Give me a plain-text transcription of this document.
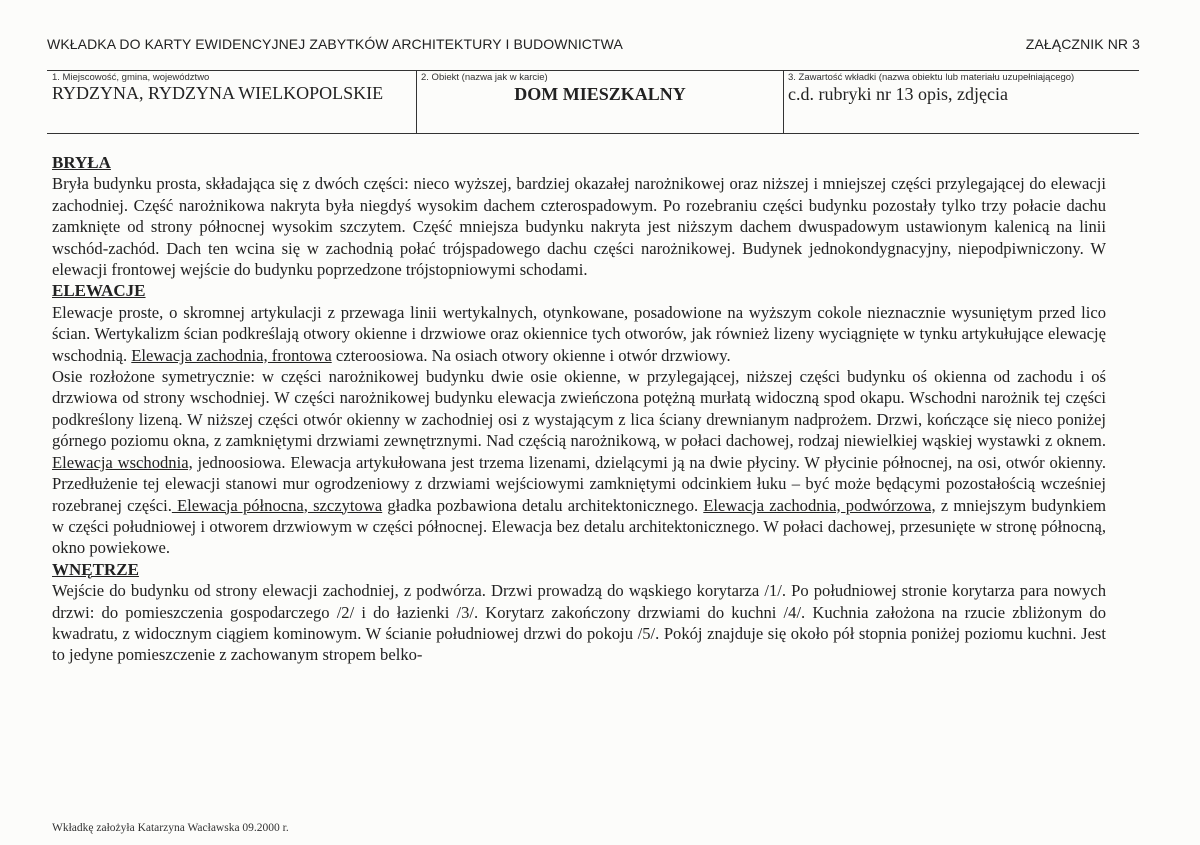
WKŁADKA DO KARTY EWIDENCYJNEJ ZABYTKÓW ARCHITEKTURY I BUDOWNICTWA	ZAŁĄCZNIK NR 3
1. Miejscowość, gmina, województwo
RYDZYNA, RYDZYNA WIELKOPOLSKIE
2. Obiekt (nazwa jak w karcie)
DOM MIESZKALNY
3. Zawartość wkładki (nazwa obiektu lub materiału uzupełniającego)
c.d. rubryki nr 13 opis, zdjęcia
BRYŁA

Bryła budynku prosta, składająca się z dwóch części: nieco wyższej, bardziej okazałej narożnikowej oraz niższej i mniejszej części przylegającej do elewacji zachodniej. Część narożnikowa nakryta była niegdyś wysokim dachem czterospadowym. Po rozebraniu części budynku pozostały tylko trzy połacie dachu zamknięte od strony północnej wysokim szczytem. Część mniejsza budynku nakryta jest niższym dachem dwuspadowym ustawionym kalenicą na linii wschód-zachód. Dach ten wcina się w zachodnią połać trójspadowego dachu części narożnikowej. Budynek jednokondygnacyjny, niepodpiwniczony. W elewacji frontowej wejście do budynku poprzedzone trójstopniowymi schodami.

ELEWACJE

Elewacje proste, o skromnej artykulacji z przewaga linii wertykalnych, otynkowane, posadowione na wyższym cokole nieznacznie wysuniętym przed lico ścian. Wertykalizm ścian podkreślają otwory okienne i drzwiowe oraz okiennice tych otworów, jak również lizeny wyciągnięte w tynku artykułujące elewację wschodnią. Elewacja zachodnia, frontowa czteroosiowa. Na osiach otwory okienne i otwór drzwiowy.

Osie rozłożone symetrycznie: w części narożnikowej budynku dwie osie okienne, w przylegającej, niższej części budynku oś okienna od zachodu i oś drzwiowa od strony wschodniej. W części narożnikowej budynku elewacja zwieńczona potężną murłatą widoczną spod okapu. Wschodni narożnik tej części podkreślony lizeną. W niższej części otwór okienny w zachodniej osi z wystającym z lica ściany drewnianym nadprożem. Drzwi, kończące się nieco poniżej górnego poziomu okna, z zamkniętymi drzwiami zewnętrznymi. Nad częścią narożnikową, w połaci dachowej, rodzaj niewielkiej wąskiej wystawki z oknem. Elewacja wschodnia, jednoosiowa. Elewacja artykułowana jest trzema lizenami, dzielącymi ją na dwie płyciny. W płycinie północnej, na osi, otwór okienny. Przedłużenie tej elewacji stanowi mur ogrodzeniowy z drzwiami wejściowymi zamkniętymi odcinkiem łuku – być może będącymi pozostałością wcześniej rozebranej części. Elewacja północna, szczytowa gładka pozbawiona detalu architektonicznego. Elewacja zachodnia, podwórzowa, z mniejszym budynkiem w części południowej i otworem drzwiowym w części północnej. Elewacja bez detalu architektonicznego. W połaci dachowej, przesunięte w stronę północną, okno powiekowe.

WNĘTRZE

Wejście do budynku od strony elewacji zachodniej, z podwórza. Drzwi prowadzą do wąskiego korytarza /1/. Po południowej stronie korytarza para nowych drzwi: do pomieszczenia gospodarczego /2/ i do łazienki /3/. Korytarz zakończony drzwiami do kuchni /4/. Kuchnia założona na rzucie zbliżonym do kwadratu, z widocznym ciągiem kominowym. W ścianie południowej drzwi do pokoju /5/. Pokój znajduje się około pół stopnia poniżej poziomu kuchni. Jest to jedyne pomieszczenie z zachowanym stropem belko-

Wkładkę założyła Katarzyna Wacławska 09.2000 r.
